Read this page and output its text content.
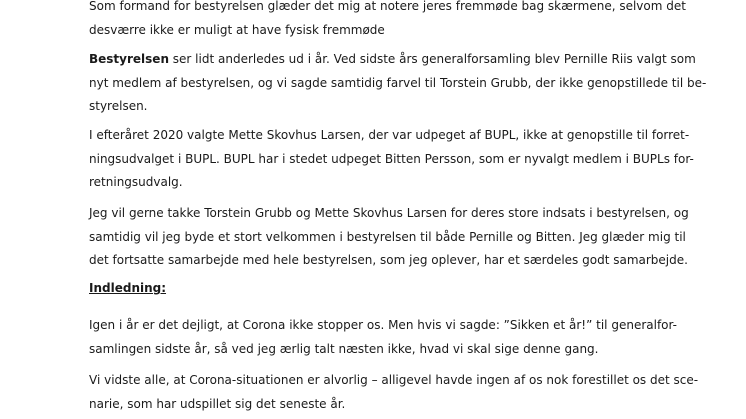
Som formand for bestyrelsen glæder det mig at notere jeres fremmøde bag skærmene, selvom det
desværre ikke er muligt at have fysisk fremmøde

Bestyrelsen ser lidt anderledes ud i år. Ved sidste års generalforsamling blev Pernille Riis valgt som
nyt medlem af bestyrelsen, og vi sagde samtidig farvel til Torstein Grubb, der ikke genopstillede til be-
styrelsen.

I efteråret 2020 valgte Mette Skovhus Larsen, der var udpeget af BUPL, ikke at genopstille til forret-
ningsudvalget i BUPL. BUPL har i stedet udpeget Bitten Persson, som er nyvalgt medlem i BUPLs for-
retningsudvalg.

Jeg vil gerne takke Torstein Grubb og Mette Skovhus Larsen for deres store indsats i bestyrelsen, og
samtidig vil jeg byde et stort velkommen i bestyrelsen til både Pernille og Bitten. Jeg glæder mig til
det fortsatte samarbejde med hele bestyrelsen, som jeg oplever, har et særdeles godt samarbejde.

Indledning:

Igen i år er det dejligt, at Corona ikke stopper os. Men hvis vi sagde: ”Sikken et år!” til generalfor-
samlingen sidste år, så ved jeg ærlig talt næsten ikke, hvad vi skal sige denne gang.

Vi vidste alle, at Corona-situationen er alvorlig – alligevel havde ingen af os nok forestillet os det sce-
narie, som har udspillet sig det seneste år.
